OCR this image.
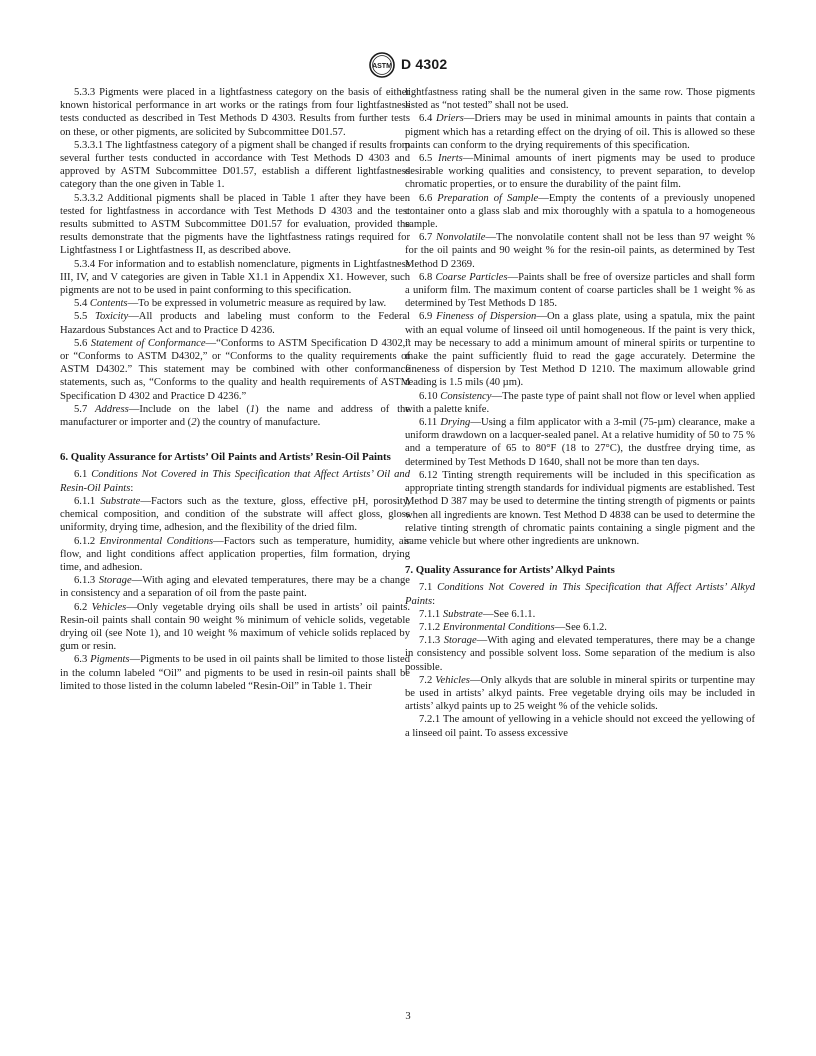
ASTM D 4302

5.3.3 Pigments were placed in a lightfastness category on the basis of either known historical performance in art works or the ratings from four lightfastness tests conducted as described in Test Methods D 4303. Results from further tests on these, or other pigments, are solicited by Subcommittee D01.57.

5.3.3.1 The lightfastness category of a pigment shall be changed if results from several further tests conducted in accordance with Test Methods D 4303 and approved by ASTM Subcommittee D01.57, establish a different lightfastness category than the one given in Table 1.

5.3.3.2 Additional pigments shall be placed in Table 1 after they have been tested for lightfastness in accordance with Test Methods D 4303 and the test results submitted to ASTM Subcommittee D01.57 for evaluation, provided the results demonstrate that the pigments have the lightfastness ratings required for Lightfastness I or Lightfastness II, as described above.

5.3.4 For information and to establish nomenclature, pigments in Lightfastness III, IV, and V categories are given in Table X1.1 in Appendix X1. However, such pigments are not to be used in paint conforming to this specification.

5.4 Contents—To be expressed in volumetric measure as required by law.

5.5 Toxicity—All products and labeling must conform to the Federal Hazardous Substances Act and to Practice D 4236.

5.6 Statement of Conformance—“Conforms to ASTM Specification D 4302,” or “Conforms to ASTM D4302,” or “Conforms to the quality requirements of ASTM D4302.” This statement may be combined with other conformance statements, such as, “Conforms to the quality and health requirements of ASTM Specification D 4302 and Practice D 4236.”

5.7 Address—Include on the label (1) the name and address of the manufacturer or importer and (2) the country of manufacture.

6. Quality Assurance for Artists’ Oil Paints and Artists’ Resin-Oil Paints

6.1 Conditions Not Covered in This Specification that Affect Artists’ Oil and Resin-Oil Paints:

6.1.1 Substrate—Factors such as the texture, gloss, effective pH, porosity, chemical composition, and condition of the substrate will affect gloss, gloss uniformity, drying time, adhesion, and the flexibility of the dried film.

6.1.2 Environmental Conditions—Factors such as temperature, humidity, air flow, and light conditions affect application properties, film formation, drying time, and adhesion.

6.1.3 Storage—With aging and elevated temperatures, there may be a change in consistency and a separation of oil from the paste paint.

6.2 Vehicles—Only vegetable drying oils shall be used in artists’ oil paints. Resin-oil paints shall contain 90 weight % minimum of vehicle solids, vegetable drying oil (see Note 1), and 10 weight % maximum of vehicle solids replaced by gum or resin.

6.3 Pigments—Pigments to be used in oil paints shall be limited to those listed in the column labeled “Oil” and pigments to be used in resin-oil paints shall be limited to those listed in the column labeled “Resin-Oil” in Table 1. Their

lightfastness rating shall be the numeral given in the same row. Those pigments listed as “not tested” shall not be used.

6.4 Driers—Driers may be used in minimal amounts in paints that contain a pigment which has a retarding effect on the drying of oil. This is allowed so these paints can conform to the drying requirements of this specification.

6.5 Inerts—Minimal amounts of inert pigments may be used to produce desirable working qualities and consistency, to prevent separation, to develop chromatic properties, or to ensure the durability of the paint film.

6.6 Preparation of Sample—Empty the contents of a previously unopened container onto a glass slab and mix thoroughly with a spatula to a homogeneous sample.

6.7 Nonvolatile—The nonvolatile content shall not be less than 97 weight % for the oil paints and 90 weight % for the resin-oil paints, as determined by Test Method D 2369.

6.8 Coarse Particles—Paints shall be free of oversize particles and shall form a uniform film. The maximum content of coarse particles shall be 1 weight % as determined by Test Methods D 185.

6.9 Fineness of Dispersion—On a glass plate, using a spatula, mix the paint with an equal volume of linseed oil until homogeneous. If the paint is very thick, it may be necessary to add a minimum amount of mineral spirits or turpentine to make the paint sufficiently fluid to read the gage accurately. Determine the fineness of dispersion by Test Method D 1210. The maximum allowable grind reading is 1.5 mils (40 µm).

6.10 Consistency—The paste type of paint shall not flow or level when applied with a palette knife.

6.11 Drying—Using a film applicator with a 3-mil (75-µm) clearance, make a uniform drawdown on a lacquer-sealed panel. At a relative humidity of 50 to 75 % and a temperature of 65 to 80°F (18 to 27°C), the dustfree drying time, as determined by Test Methods D 1640, shall not be more than ten days.

6.12 Tinting strength requirements will be included in this specification as appropriate tinting strength standards for individual pigments are established. Test Method D 387 may be used to determine the tinting strength of pigments or paints when all ingredients are known. Test Method D 4838 can be used to determine the relative tinting strength of chromatic paints containing a single pigment and the same vehicle but where other ingredients are unknown.

7. Quality Assurance for Artists’ Alkyd Paints

7.1 Conditions Not Covered in This Specification that Affect Artists’ Alkyd Paints:

7.1.1 Substrate—See 6.1.1.

7.1.2 Environmental Conditions—See 6.1.2.

7.1.3 Storage—With aging and elevated temperatures, there may be a change in consistency and possible solvent loss. Some separation of the medium is also possible.

7.2 Vehicles—Only alkyds that are soluble in mineral spirits or turpentine may be used in artists’ alkyd paints. Free vegetable drying oils may be included in artists’ alkyd paints up to 25 weight % of the vehicle solids.

7.2.1 The amount of yellowing in a vehicle should not exceed the yellowing of a linseed oil paint. To assess excessive

3
